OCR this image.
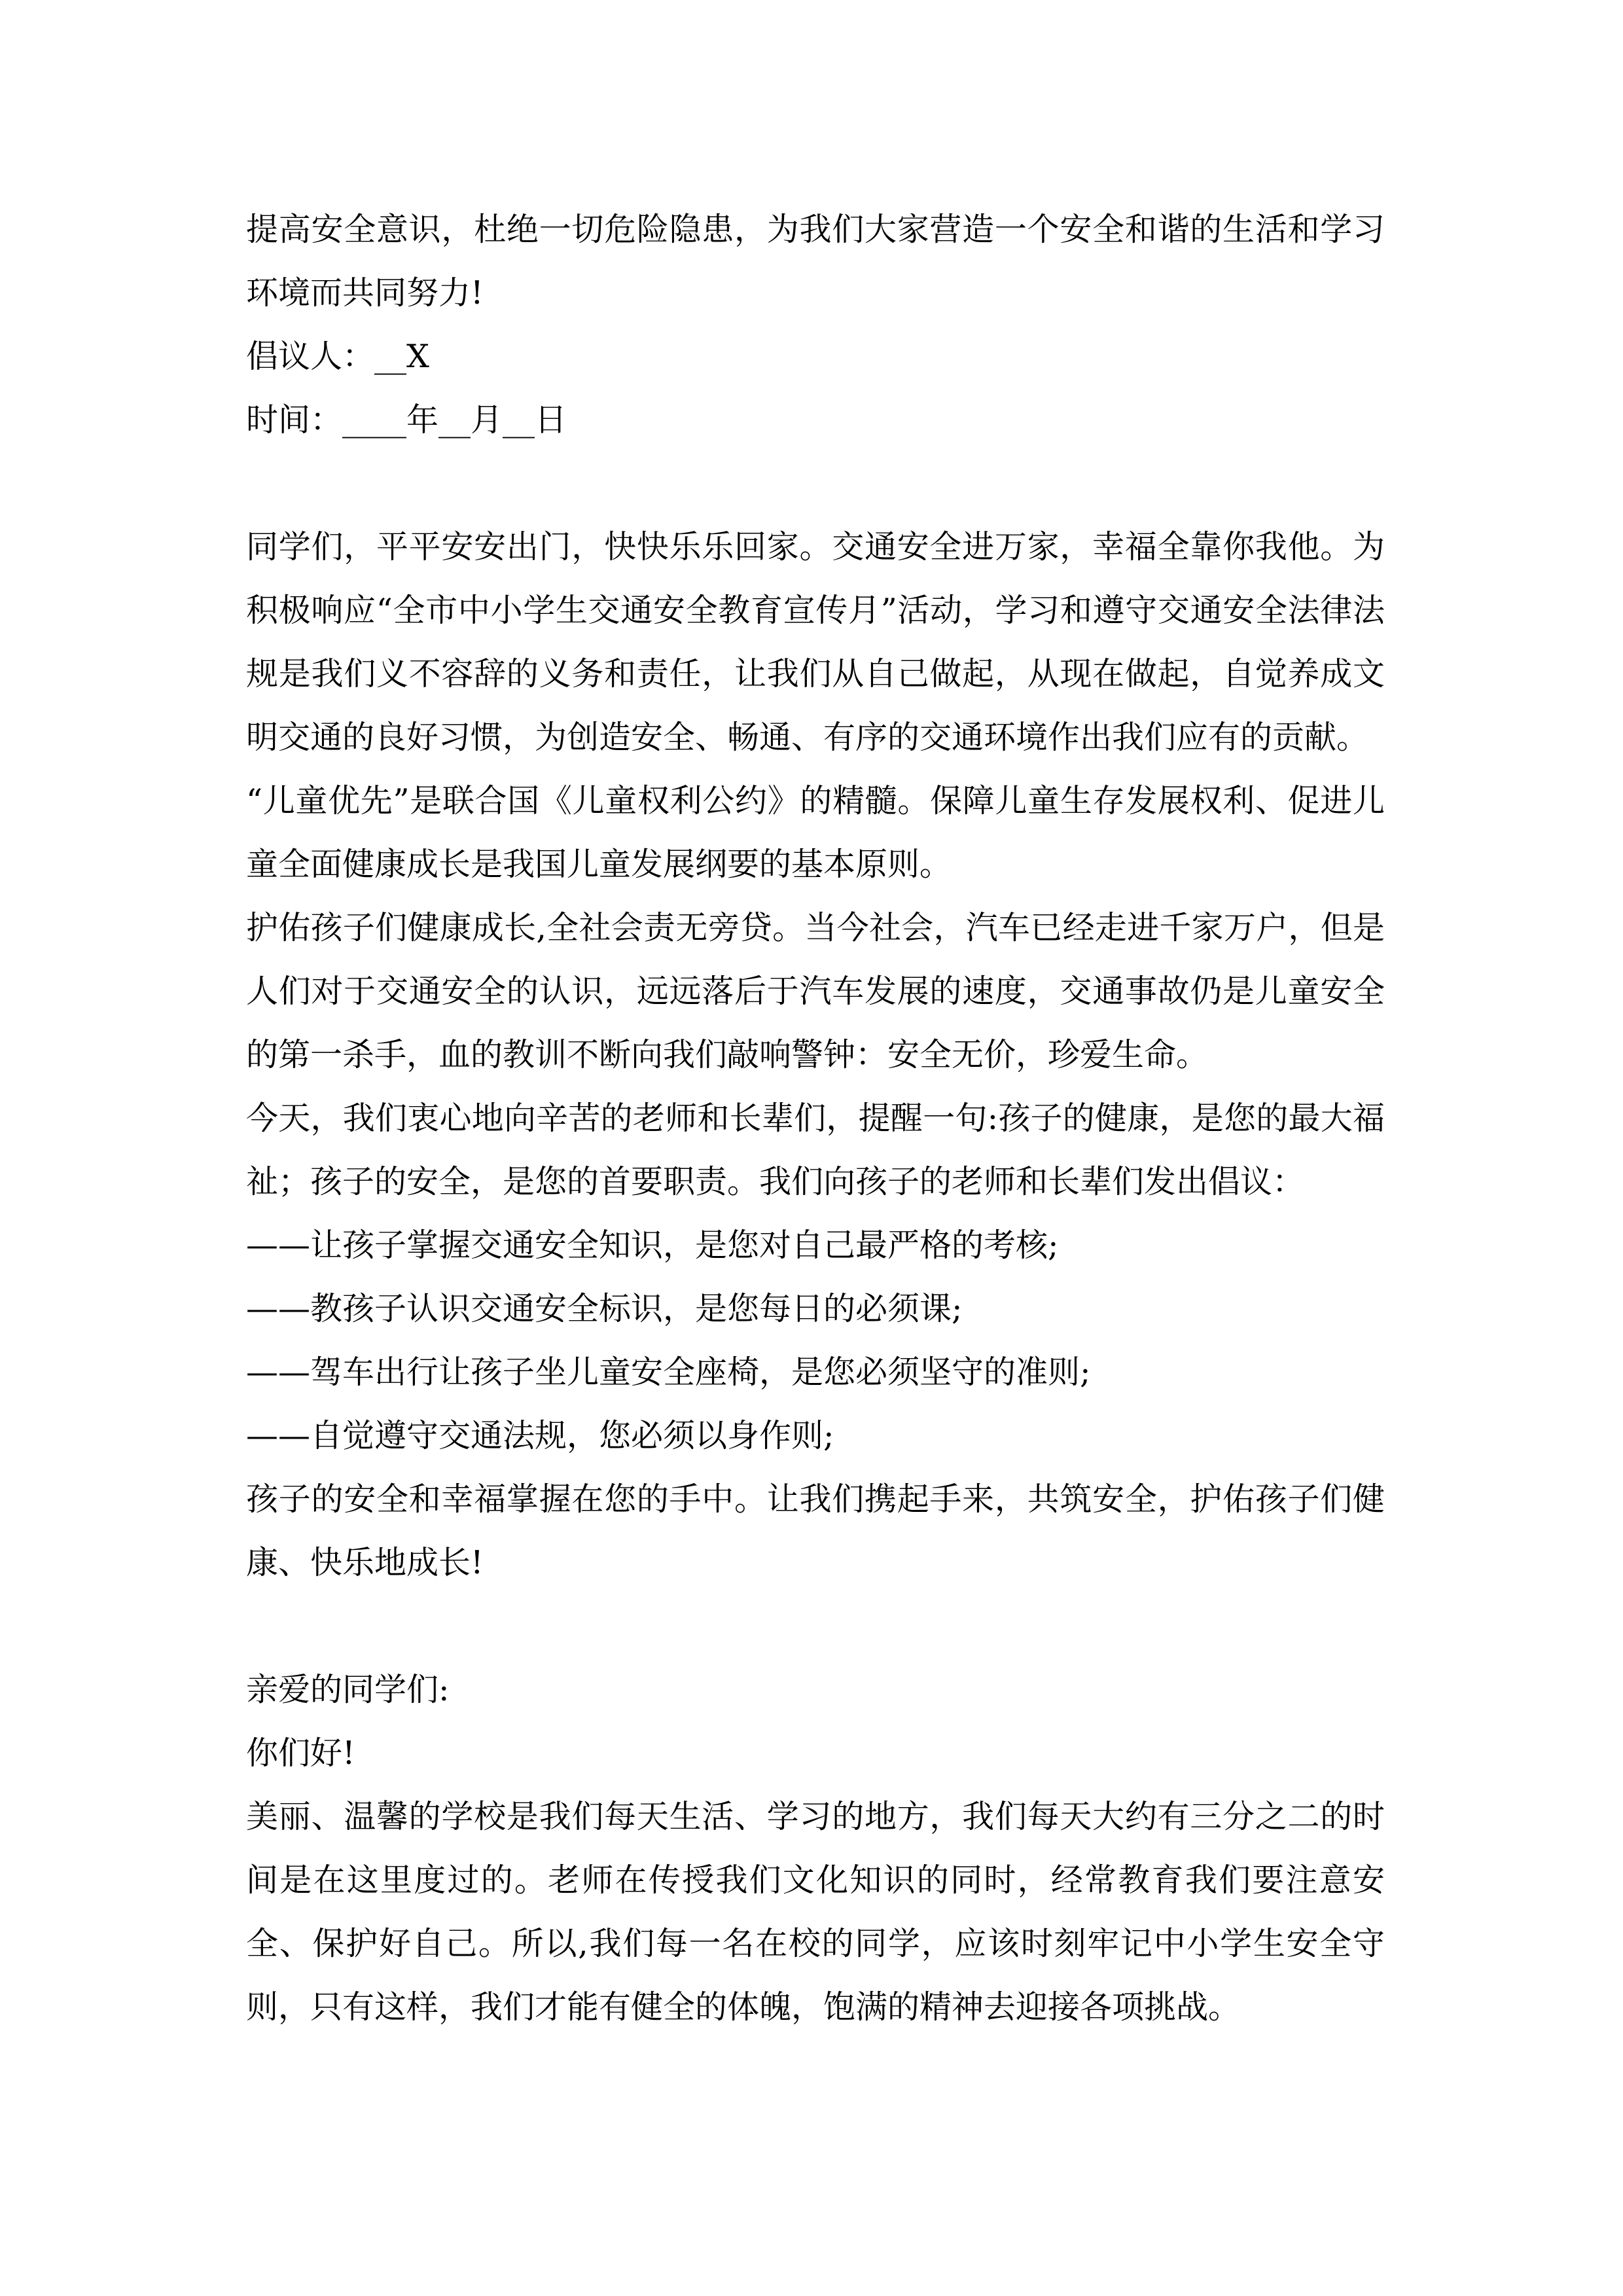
提高安全意识，杜绝一切危险隐患，为我们大家营造一个安全和谐的生活和学习环境而共同努力!

倡议人：__X

时间：____年__月__日

同学们，平平安安出门，快快乐乐回家。交通安全进万家，幸福全靠你我他。为积极响应“全市中小学生交通安全教育宣传月”活动，学习和遵守交通安全法律法规是我们义不容辞的义务和责任，让我们从自己做起，从现在做起，自觉养成文明交通的良好习惯，为创造安全、畅通、有序的交通环境作出我们应有的贡献。

“儿童优先”是联合国《儿童权利公约》的精髓。保障儿童生存发展权利、促进儿童全面健康成长是我国儿童发展纲要的基本原则。

护佑孩子们健康成长,全社会责无旁贷。当今社会，汽车已经走进千家万户，但是人们对于交通安全的认识，远远落后于汽车发展的速度，交通事故仍是儿童安全的第一杀手，血的教训不断向我们敲响警钟：安全无价，珍爱生命。

今天，我们衷心地向辛苦的老师和长辈们，提醒一句:孩子的健康，是您的最大福祉；孩子的安全，是您的首要职责。我们向孩子的老师和长辈们发出倡议：

——让孩子掌握交通安全知识，是您对自己最严格的考核;

——教孩子认识交通安全标识，是您每日的必须课;

——驾车出行让孩子坐儿童安全座椅，是您必须坚守的准则;

——自觉遵守交通法规，您必须以身作则;

孩子的安全和幸福掌握在您的手中。让我们携起手来，共筑安全，护佑孩子们健康、快乐地成长!

亲爱的同学们:

你们好!

美丽、温馨的学校是我们每天生活、学习的地方，我们每天大约有三分之二的时间是在这里度过的。老师在传授我们文化知识的同时，经常教育我们要注意安全、保护好自己。所以,我们每一名在校的同学，应该时刻牢记中小学生安全守则，只有这样，我们才能有健全的体魄，饱满的精神去迎接各项挑战。
